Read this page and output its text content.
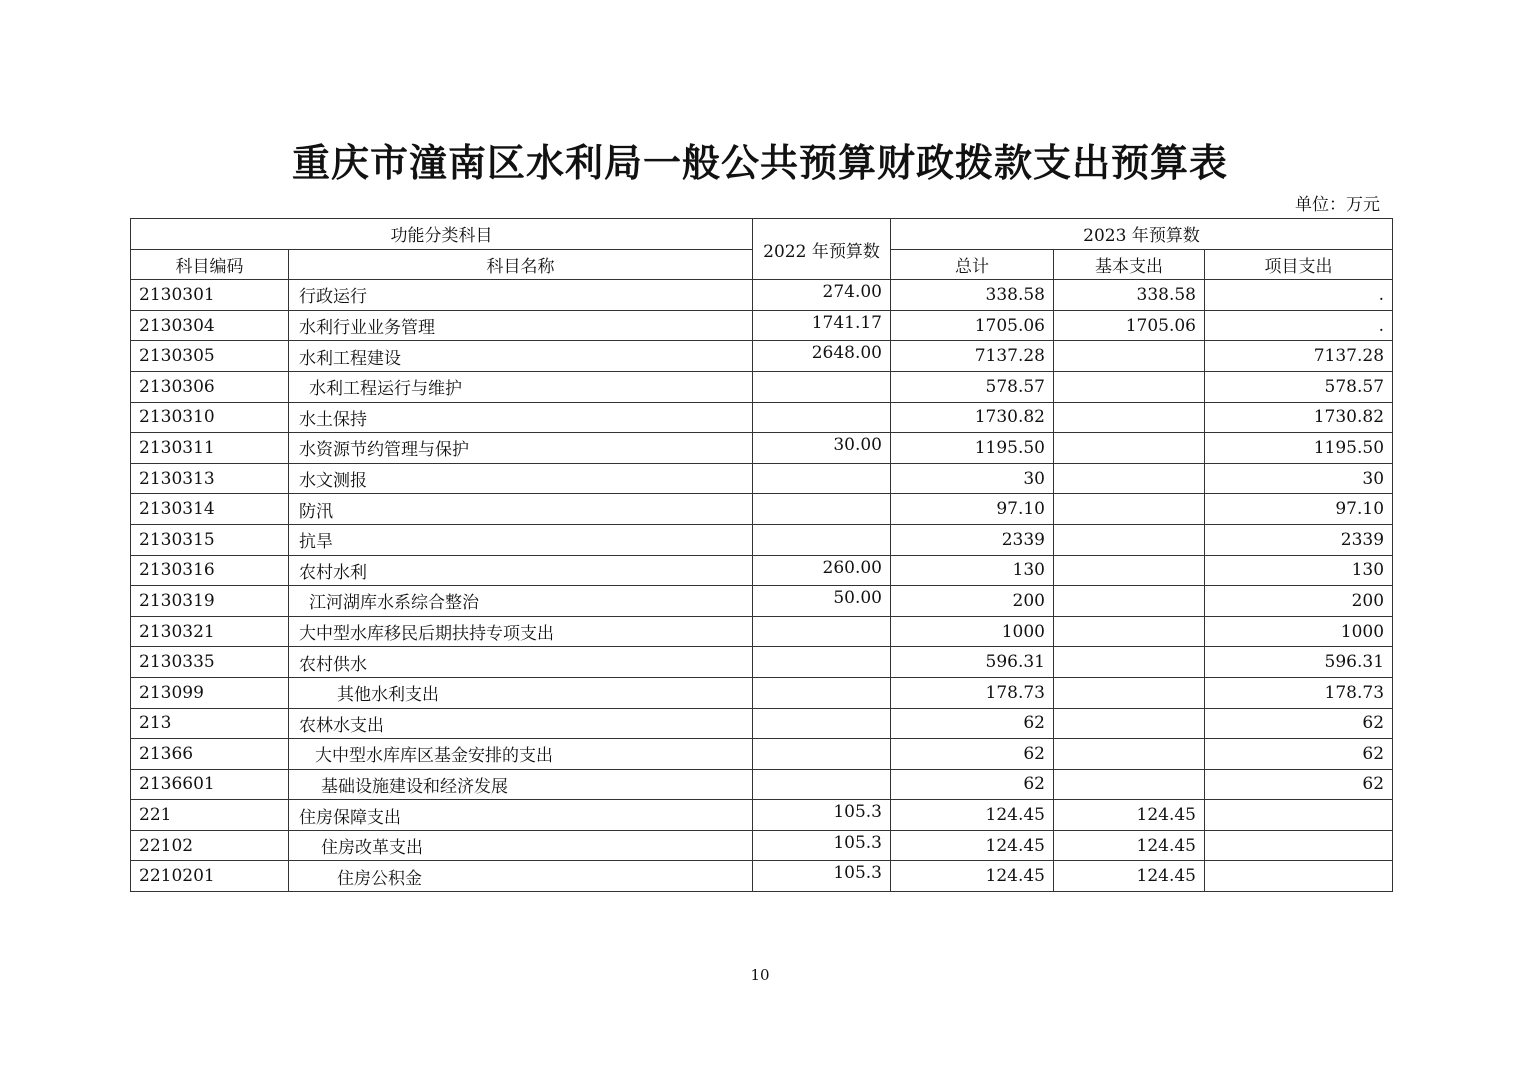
重庆市潼南区水利局一般公共预算财政拨款支出预算表
单位：万元
功能分类科目		2022 年预算数	2023 年预算数		
科目编码	科目名称		总计	基本支出	项目支出
2130301	行政运行	274.00	338.58	338.58	.
2130304	水利行业业务管理	1741.17	1705.06	1705.06	.
2130305	水利工程建设	2648.00	7137.28		7137.28
2130306	水利工程运行与维护		578.57		578.57
2130310	水土保持		1730.82		1730.82
2130311	水资源节约管理与保护	30.00	1195.50		1195.50
2130313	水文测报		30		30
2130314	防汛		97.10		97.10
2130315	抗旱		2339		2339
2130316	农村水利	260.00	130		130
2130319	江河湖库水系综合整治	50.00	200		200
2130321	大中型水库移民后期扶持专项支出		1000		1000
2130335	农村供水		596.31		596.31
213099	其他水利支出		178.73		178.73
213	农林水支出		62		62
21366	大中型水库库区基金安排的支出		62		62
2136601	基础设施建设和经济发展		62		62
221	住房保障支出	105.3	124.45	124.45	
22102	住房改革支出	105.3	124.45	124.45	
2210201	住房公积金	105.3	124.45	124.45	
10
